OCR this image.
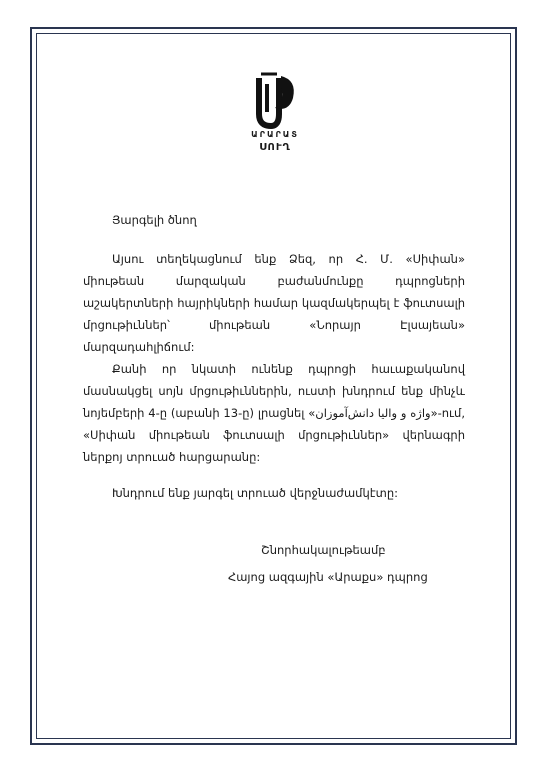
ԱՐԱՐԱՏ
ՍՈՒՂ
Յարգելի ծնող
Այսու տեղեկացնում ենք Ձեզ, որ Հ. Մ. «Սիփան» միութեան մարզական բաժանմունքը դպրոցների աշակերտների հայրիկների համար կազմակերպել է ֆուտսալի մրցութիւններ՝ միութեան «Նորայր Էլսայեան» մարզադահլիճում:
Քանի որ նկատի ունենք դպրոցի հաւաքականով մասնակցել սոյն մրցութիւններին, ուստի խնդրում ենք մինչև նոյեմբերի 4-ը (աբանի 13-ը) լրացնել «واژه و والیا دانش‌آموزان»-ում, «Սիփան միութեան ֆուտսալի մրցութիւններ» վերնագրի ներքոյ տրուած հարցարանը:
Խնդրում ենք յարգել տրուած վերջնաժամկէտը:
Շնորհակալութեամբ
Հայոց ազգային «Արաքս» դպրոց
